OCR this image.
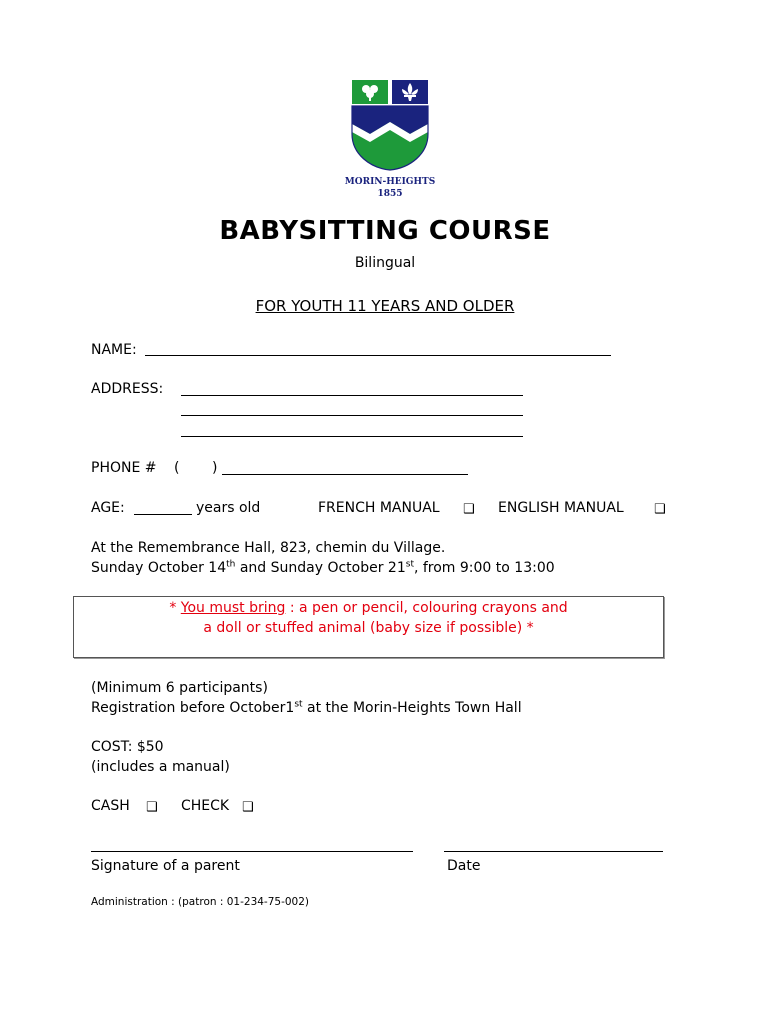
MORIN-HEIGHTS
1855
BABYSITTING COURSE
Bilingual
FOR YOUTH 11 YEARS AND OLDER
NAME:
ADDRESS:
PHONE # ( )
AGE:	years old	FRENCH MANUAL ❑ ENGLISH MANUAL ❑
At the Remembrance Hall, 823, chemin du Village.
Sunday October 14th and Sunday October 21st, from 9:00 to 13:00
* You must bring : a pen or pencil, colouring crayons and
a doll or stuffed animal (baby size if possible) *
(Minimum 6 participants)
Registration before October1st at the Morin-Heights Town Hall
COST: $50
(includes a manual)
CASH ❑ CHECK ❑
Signature of a parent	Date
Administration : (patron : 01-234-75-002)
